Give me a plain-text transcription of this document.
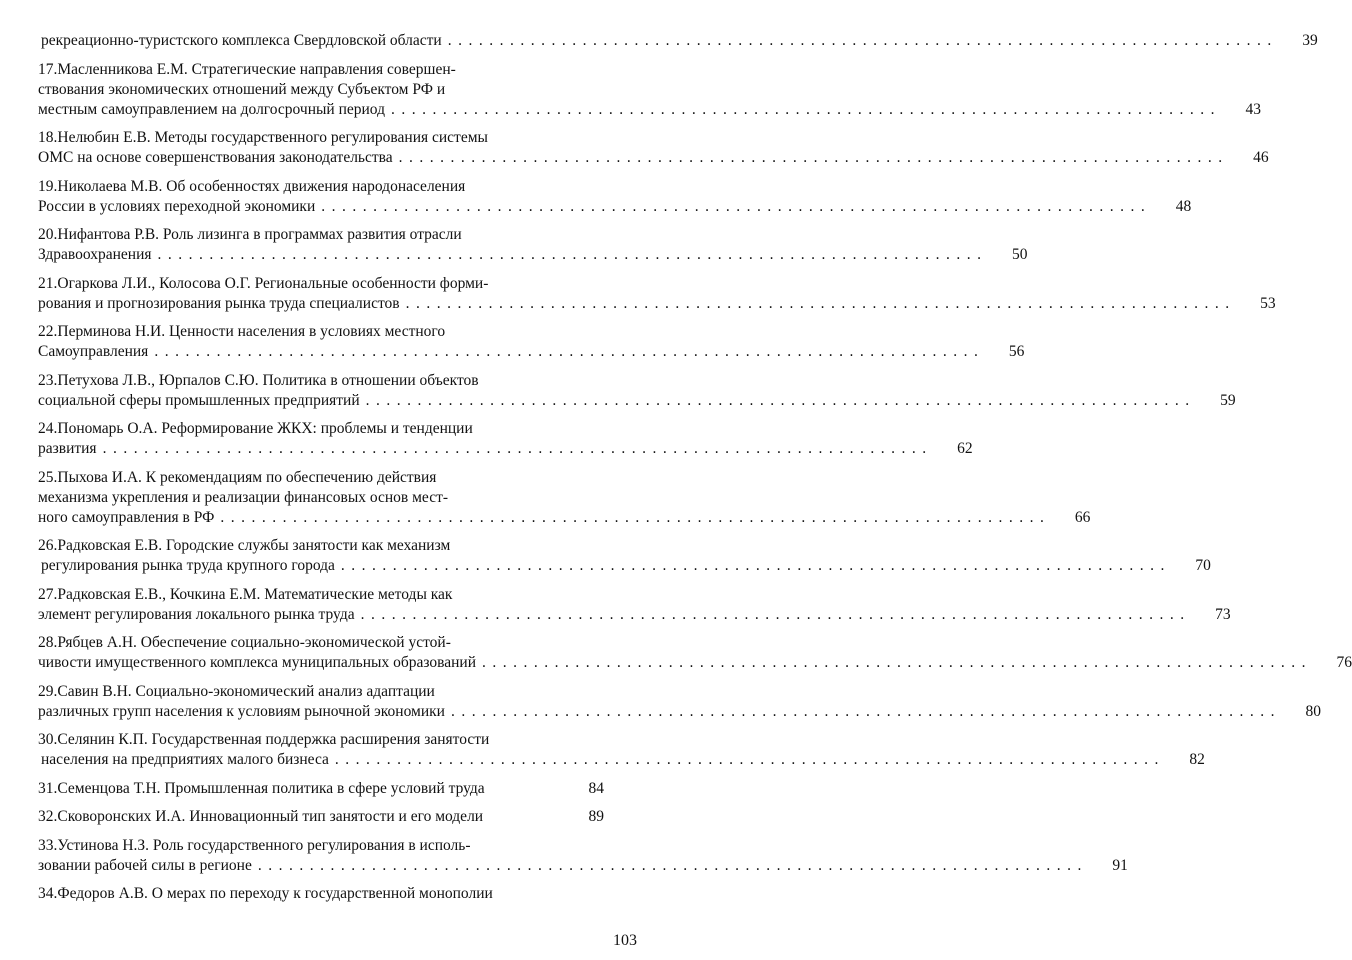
рекреационно-туристского комплекса Свердловской области ................................................................................	39
17.Масленникова Е.М. Стратегические направления совершен-
ствования экономических отношений между Субъектом РФ и
местным самоуправлением на долгосрочный период ................................................................................	43
18.Нелюбин Е.В. Методы государственного регулирования системы
ОМС на основе совершенствования законодательства ................................................................................	46
19.Николаева М.В. Об особенностях движения народонаселения
России в условиях переходной экономики ................................................................................	48
20.Нифантова Р.В. Роль лизинга в программах развития отрасли
Здравоохранения ................................................................................	50
21.Огаркова Л.И., Колосова О.Г. Региональные особенности форми-
рования и прогнозирования рынка труда специалистов ................................................................................	53
22.Перминова Н.И. Ценности населения в условиях местного
Самоуправления ................................................................................	56
23.Петухова Л.В., Юрпалов С.Ю. Политика в отношении объектов
социальной сферы промышленных предприятий ................................................................................	59
24.Пономарь О.А. Реформирование ЖКХ: проблемы и тенденции
развития ................................................................................	62
25.Пыхова И.А. К рекомендациям по обеспечению действия
механизма укрепления и реализации финансовых основ мест-
ного самоуправления в РФ ................................................................................	66
26.Радковская Е.В. Городские службы занятости как механизм
регулирования рынка труда крупного города ................................................................................	70
27.Радковская Е.В., Кочкина Е.М. Математические методы как
элемент регулирования локального рынка труда ................................................................................	73
28.Рябцев А.Н. Обеспечение социально-экономической устой-
чивости имущественного комплекса муниципальных образований ................................................................................	76
29.Савин В.Н. Социально-экономический анализ адаптации
различных групп населения к условиям рыночной экономики ................................................................................	80
30.Селянин К.П. Государственная поддержка расширения занятости
населения на предприятиях малого бизнеса ................................................................................	82
31.Семенцова Т.Н. Промышленная политика в сфере условий труда	84
32.Сковоронских И.А. Инновационный тип занятости и его модели	89
33.Устинова Н.З. Роль государственного регулирования в исполь-
зовании рабочей силы в регионе ................................................................................	91
34.Федоров А.В. О мерах по переходу к государственной монополии
103
